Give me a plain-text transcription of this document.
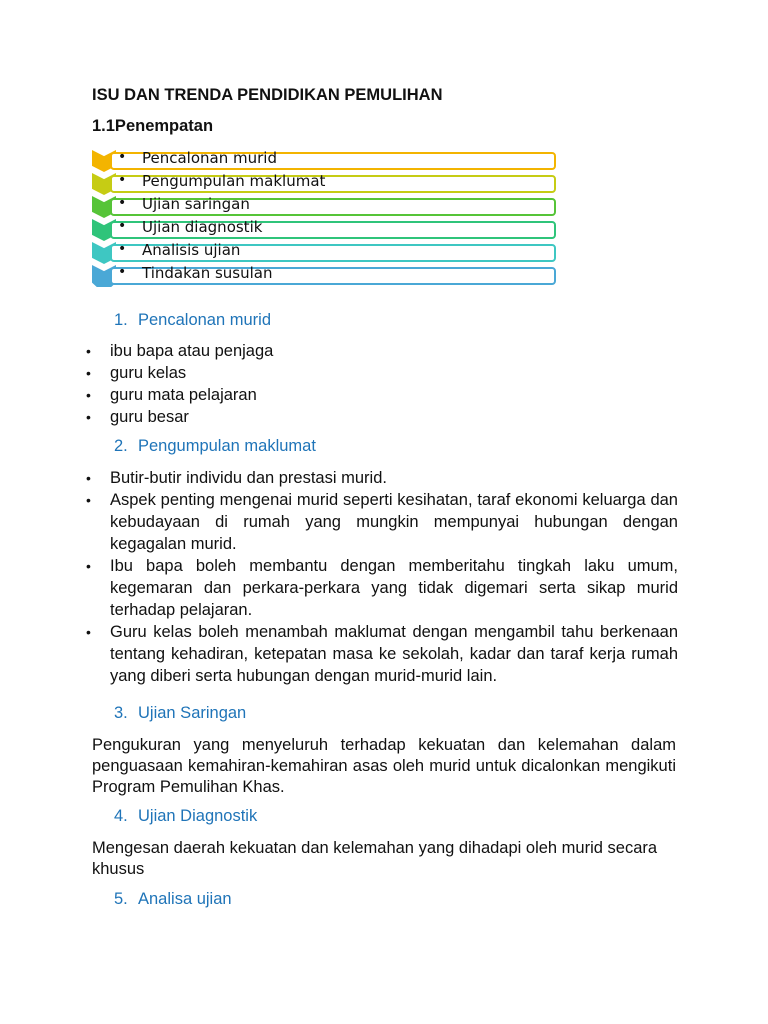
ISU DAN TRENDA PENDIDIKAN PEMULIHAN
1.1Penempatan
• Pencalonan murid
• Pengumpulan maklumat
• Ujian saringan
• Ujian diagnostik
• Analisis ujian
• Tindakan susulan
1. Pencalonan murid
• ibu bapa atau penjaga
• guru kelas
• guru mata pelajaran
• guru besar
2. Pengumpulan maklumat
• Butir-butir individu dan prestasi murid.
• Aspek penting mengenai murid seperti kesihatan, taraf ekonomi keluarga dan kebudayaan di rumah yang mungkin mempunyai hubungan dengan kegagalan murid.
• Ibu bapa boleh membantu dengan memberitahu tingkah laku umum, kegemaran dan perkara-perkara yang tidak digemari serta sikap murid terhadap pelajaran.
• Guru kelas boleh menambah maklumat dengan mengambil tahu berkenaan tentang kehadiran, ketepatan masa ke sekolah, kadar dan taraf kerja rumah yang diberi serta hubungan dengan murid-murid lain.
3. Ujian Saringan

Pengukuran yang menyeluruh terhadap kekuatan dan kelemahan dalam penguasaan kemahiran-kemahiran asas oleh murid untuk dicalonkan mengikuti Program Pemulihan Khas.

4. Ujian Diagnostik

Mengesan daerah kekuatan dan kelemahan yang dihadapi oleh murid secara khusus

5. Analisa ujian
